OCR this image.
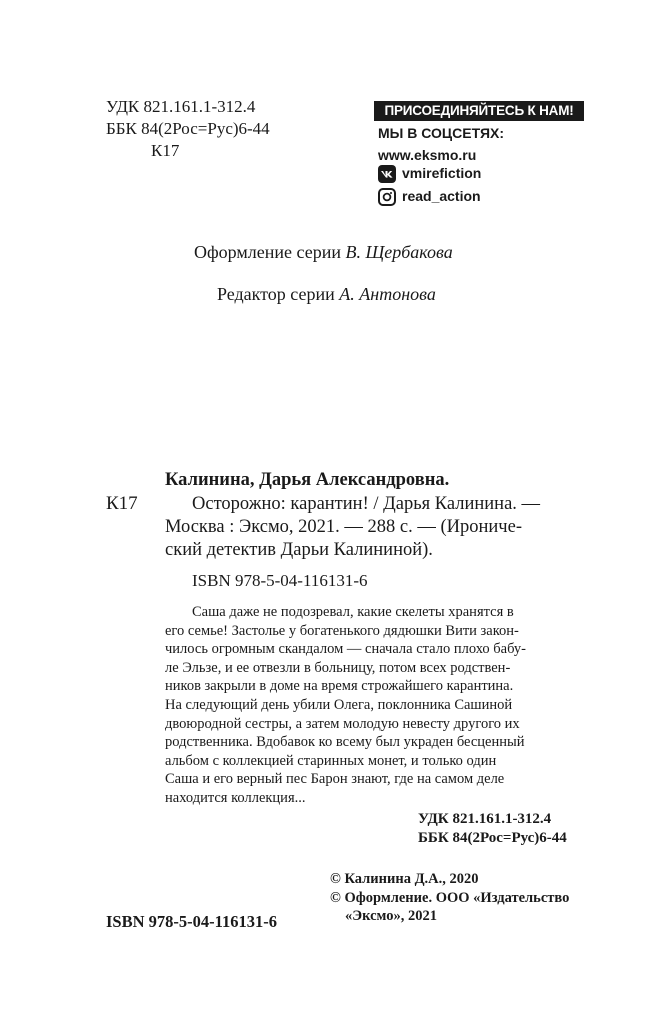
УДК 821.161.1-312.4
ББК 84(2Рос=Рус)6-44
К17
ПРИСОЕДИНЯЙТЕСЬ К НАМ!
МЫ В СОЦСЕТЯХ:
www.eksmo.ru
vmirefiction
read_action
Оформление серии В. Щербакова
Редактор серии А. Антонова
Калинина, Дарья Александровна.
К17	Осторожно: карантин! / Дарья Калинина. —
Москва : Эксмо, 2021. — 288 с. — (Ирониче-
ский детектив Дарьи Калининой).
ISBN 978-5-04-116131-6
Саша даже не подозревал, какие скелеты хранятся в
его семье! Застолье у богатенького дядюшки Вити закон-
чилось огромным скандалом — сначала стало плохо бабу-
ле Эльзе, и ее отвезли в больницу, потом всех родствен-
ников закрыли в доме на время строжайшего карантина.
На следующий день убили Олега, поклонника Сашиной
двоюродной сестры, а затем молодую невесту другого их
родственника. Вдобавок ко всему был украден бесценный
альбом с коллекцией старинных монет, и только один
Саша и его верный пес Барон знают, где на самом деле
находится коллекция...
УДК 821.161.1-312.4
ББК 84(2Рос=Рус)6-44
© Калинина Д.А., 2020
© Оформление. ООО «Издательство
«Эксмо», 2021
ISBN 978-5-04-116131-6
